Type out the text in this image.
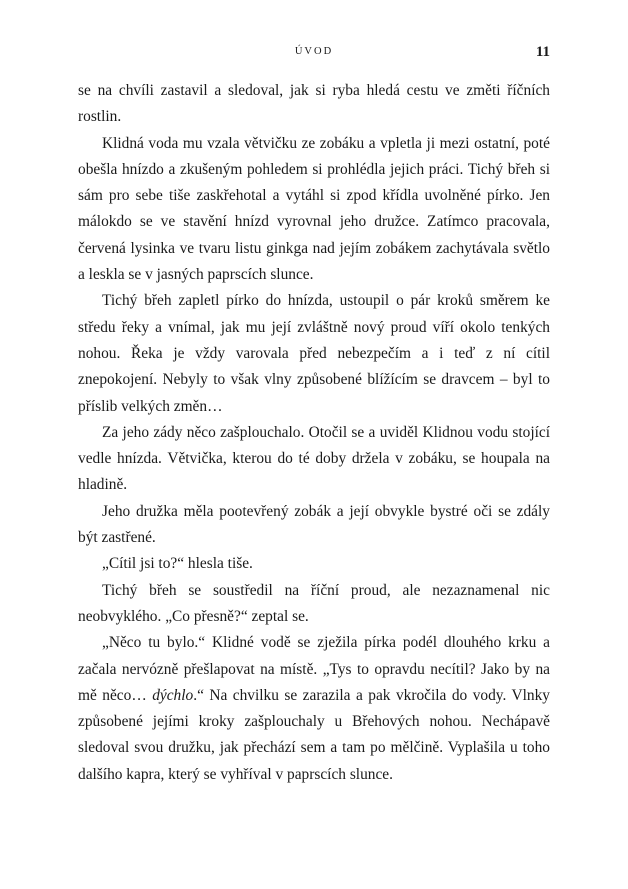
ÚVOD	11

se na chvíli zastavil a sledoval, jak si ryba hledá cestu ve změti říčních rostlin.

Klidná voda mu vzala větvičku ze zobáku a vpletla ji mezi ostatní, poté obešla hnízdo a zkušeným pohledem si prohlédla jejich práci. Tichý břeh si sám pro sebe tiše zaskřehotal a vytáhl si zpod křídla uvolněné pírko. Jen málokdo se ve stavění hnízd vyrovnal jeho družce. Zatímco pracovala, červená lysinka ve tvaru listu ginkga nad jejím zobákem zachytávala světlo a leskla se v jasných paprscích slunce.

Tichý břeh zapletl pírko do hnízda, ustoupil o pár kroků směrem ke středu řeky a vnímal, jak mu její zvláštně nový proud víří okolo tenkých nohou. Řeka je vždy varovala před nebezpečím a i teď z ní cítil znepokojení. Nebyly to však vlny způsobené blížícím se dravcem – byl to příslib velkých změn…

Za jeho zády něco zašplouchalo. Otočil se a uviděl Klidnou vodu stojící vedle hnízda. Větvička, kterou do té doby držela v zobáku, se houpala na hladině.

Jeho družka měla pootevřený zobák a její obvykle bystré oči se zdály být zastřené.

„Cítil jsi to?“ hlesla tiše.

Tichý břeh se soustředil na říční proud, ale nezaznamenal nic neobvyklého. „Co přesně?“ zeptal se.

„Něco tu bylo.“ Klidné vodě se zježila pírka podél dlouhého krku a začala nervózně přešlapovat na místě. „Tys to opravdu necítil? Jako by na mě něco… dýchlo.“ Na chvilku se zarazila a pak vkročila do vody. Vlnky způsobené jejími kroky zašplouchaly u Břehových nohou. Nechápavě sledoval svou družku, jak přechází sem a tam po mělčině. Vyplašila u toho dalšího kapra, který se vyhříval v paprscích slunce.
